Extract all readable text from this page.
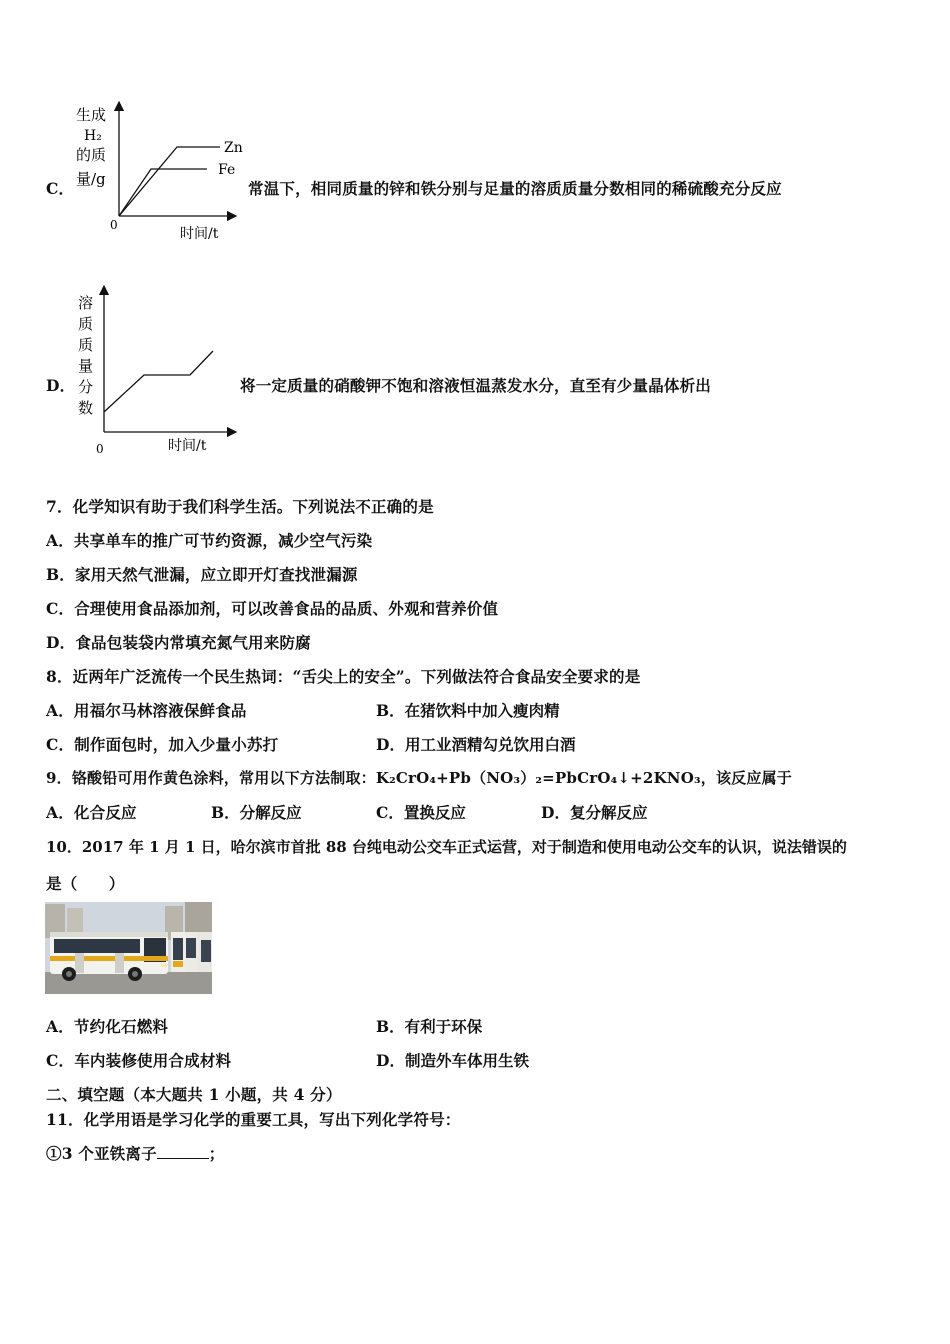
生成
H₂
的质
量/g
0
时间/t
Zn
Fe
C．	常温下，相同质量的锌和铁分别与足量的溶质质量分数相同的稀硫酸充分反应
溶
质
质
量
分
数
0	时间/t
D．	将一定质量的硝酸钾不饱和溶液恒温蒸发水分，直至有少量晶体析出
7．化学知识有助于我们科学生活。下列说法不正确的是
A．共享单车的推广可节约资源，减少空气污染
B．家用天然气泄漏，应立即开灯查找泄漏源
C．合理使用食品添加剂，可以改善食品的品质、外观和营养价值
D．食品包装袋内常填充氮气用来防腐
8．近两年广泛流传一个民生热词：“舌尖上的安全”。下列做法符合食品安全要求的是
A．用福尔马林溶液保鲜食品	B．在猪饮料中加入瘦肉精
C．制作面包时，加入少量小苏打	D．用工业酒精勾兑饮用白酒
9．铬酸铅可用作黄色涂料，常用以下方法制取：K₂CrO₄+Pb（NO₃）₂=PbCrO₄↓+2KNO₃，该反应属于
A．化合反应	B．分解反应	C．置换反应	D．复分解反应
10．2017 年 1 月 1 日，哈尔滨市首批 88 台纯电动公交车正式运营，对于制造和使用电动公交车的认识，说法错误的
是（　　）
A．节约化石燃料	B．有利于环保
C．车内装修使用合成材料	D．制造外车体用生铁
二、填空题（本大题共 1 小题，共 4 分）
11．化学用语是学习化学的重要工具，写出下列化学符号：
①3 个亚铁离子	；
